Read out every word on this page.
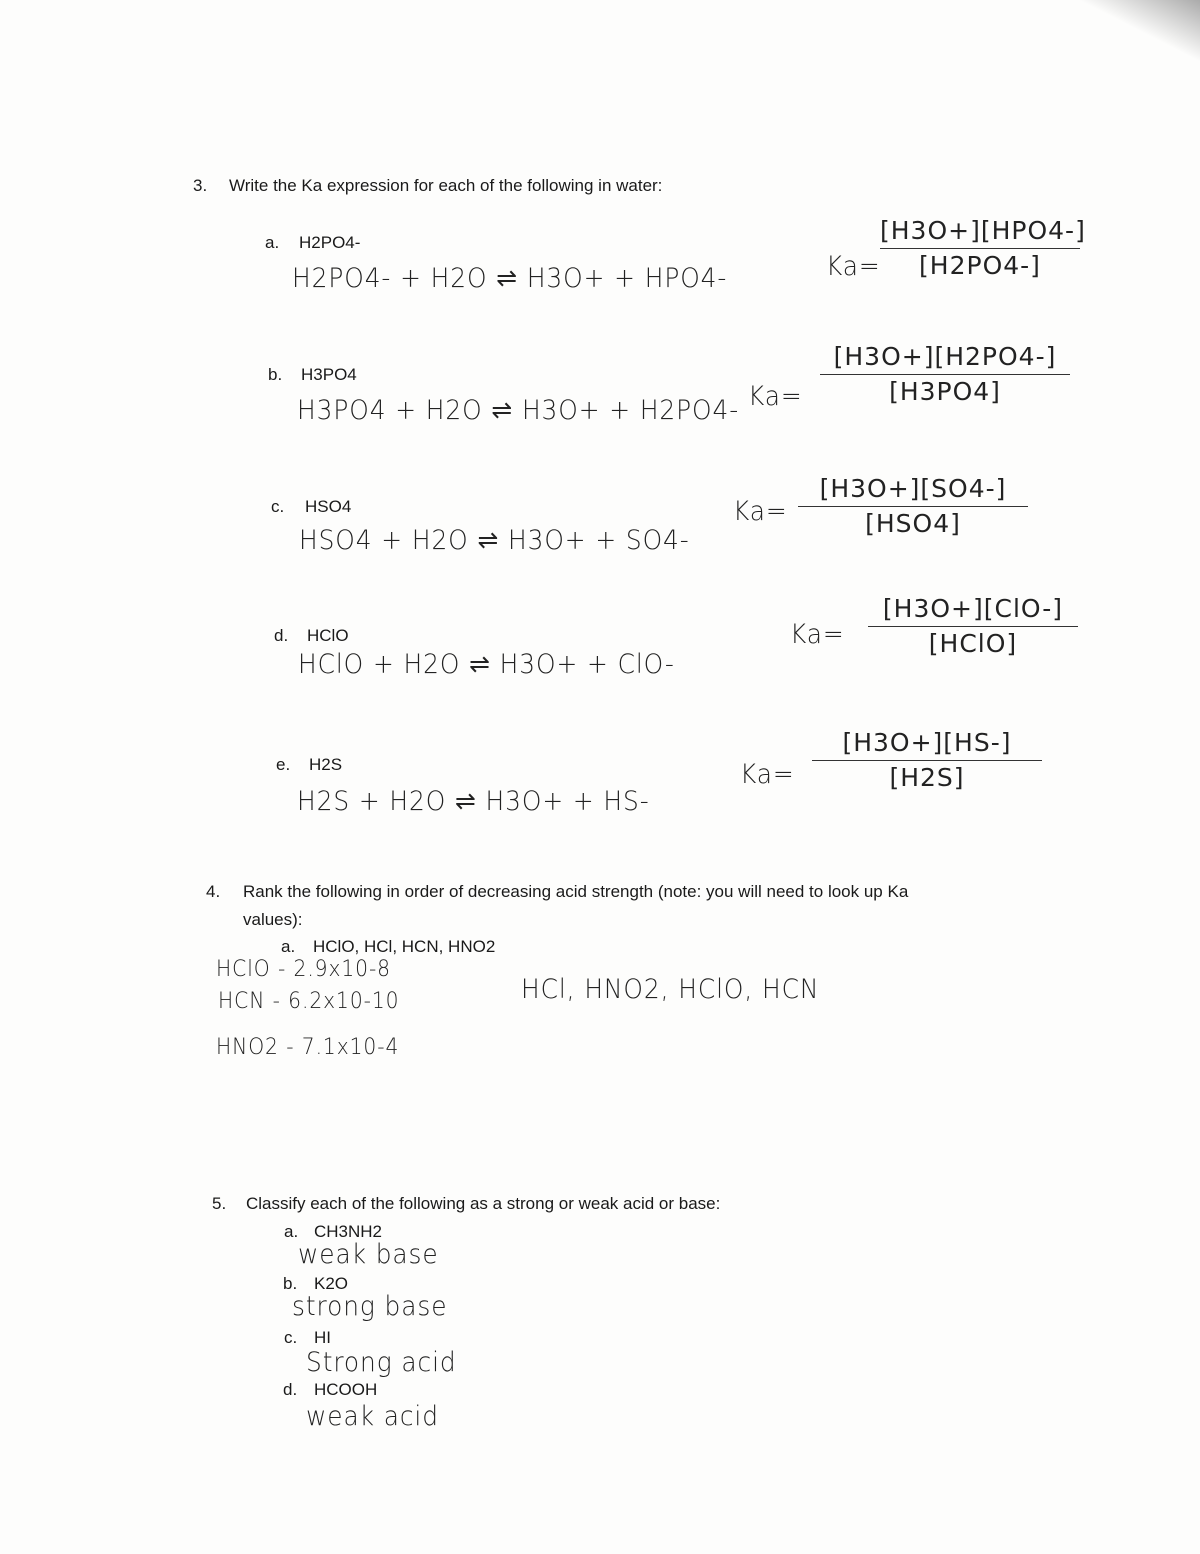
3. Write the Ka expression for each of the following in water:
a. H2PO4-
H2PO4- + H2O ⇌ H3O+ + HPO4-	Ka=
[H3O+][HPO4-]
[H2PO4-]
b. H3PO4
H3PO4 + H2O ⇌ H3O+ + H2PO4- Ka=
[H3O+][H2PO4-]
[H3PO4]
c. HSO4
HSO4 + H2O ⇌ H3O+ + SO4-
Ka=
[H3O+][SO4-]
[HSO4]
d. HClO
HClO + H2O ⇌ H3O+ + ClO-
Ka=
[H3O+][ClO-]
[HClO]
e. H2S
H2S + H2O ⇌ H3O+ + HS-
Ka=
[H3O+][HS-]
[H2S]
4. Rank the following in order of decreasing acid strength (note: you will need to look up Ka
values):
a. HClO, HCl, HCN, HNO2
HClO - 2.9x10-8
HCN - 6.2x10-10
HNO2 - 7.1x10-4
HCl, HNO2, HClO, HCN
5. Classify each of the following as a strong or weak acid or base:
a. CH3NH2
weak base
b. K2O
strong base
c. HI
Strong acid
d. HCOOH
weak acid
